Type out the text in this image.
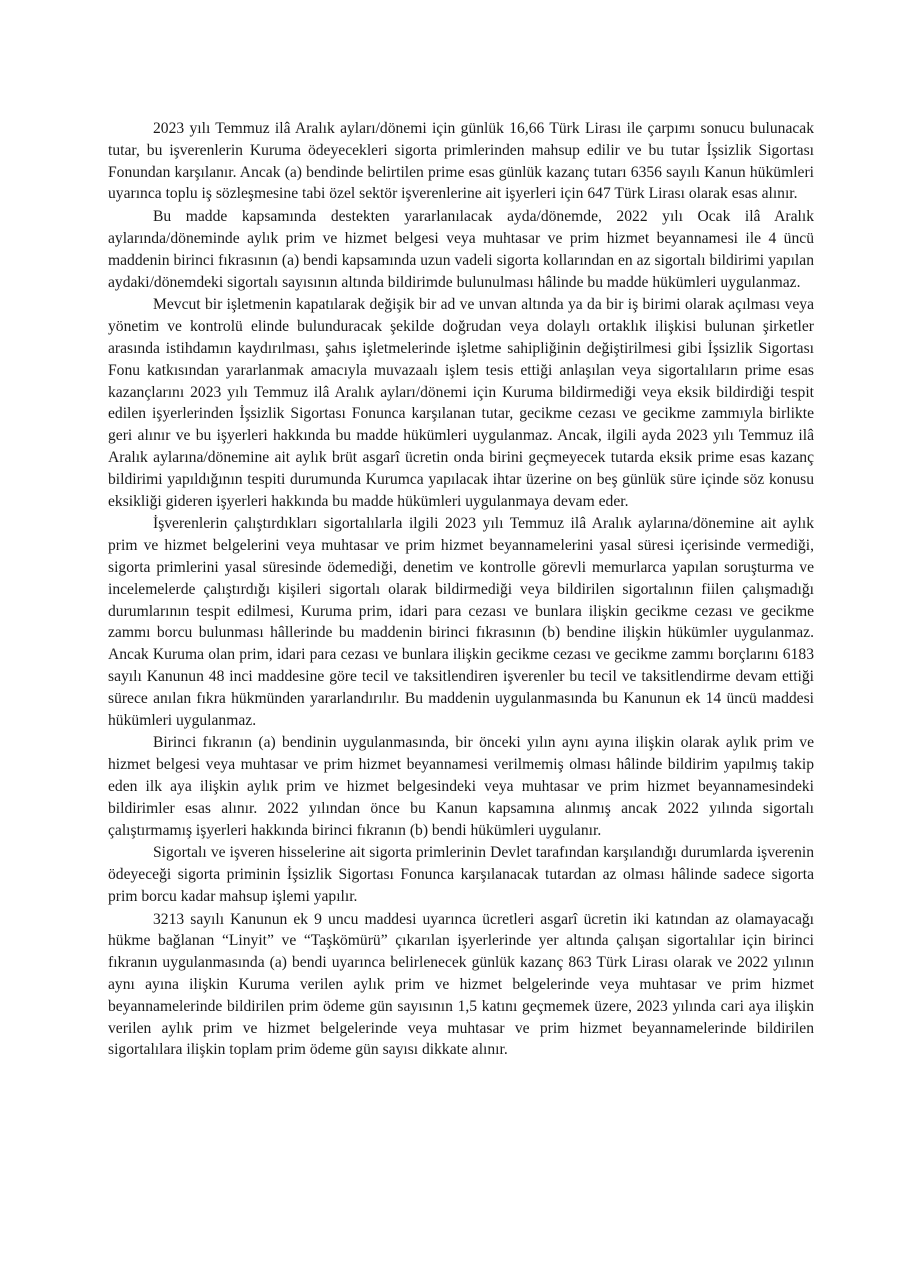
2023 yılı Temmuz ilâ Aralık ayları/dönemi için günlük 16,66 Türk Lirası ile çarpımı sonucu bulunacak tutar, bu işverenlerin Kuruma ödeyecekleri sigorta primlerinden mahsup edilir ve bu tutar İşsizlik Sigortası Fonundan karşılanır. Ancak (a) bendinde belirtilen prime esas günlük kazanç tutarı 6356 sayılı Kanun hükümleri uyarınca toplu iş sözleşmesine tabi özel sektör işverenlerine ait işyerleri için 647 Türk Lirası olarak esas alınır.

Bu madde kapsamında destekten yararlanılacak ayda/dönemde, 2022 yılı Ocak ilâ Aralık aylarında/döneminde aylık prim ve hizmet belgesi veya muhtasar ve prim hizmet beyannamesi ile 4 üncü maddenin birinci fıkrasının (a) bendi kapsamında uzun vadeli sigorta kollarından en az sigortalı bildirimi yapılan aydaki/dönemdeki sigortalı sayısının altında bildirimde bulunulması hâlinde bu madde hükümleri uygulanmaz.

Mevcut bir işletmenin kapatılarak değişik bir ad ve unvan altında ya da bir iş birimi olarak açılması veya yönetim ve kontrolü elinde bulunduracak şekilde doğrudan veya dolaylı ortaklık ilişkisi bulunan şirketler arasında istihdamın kaydırılması, şahıs işletmelerinde işletme sahipliğinin değiştirilmesi gibi İşsizlik Sigortası Fonu katkısından yararlanmak amacıyla muvazaalı işlem tesis ettiği anlaşılan veya sigortalıların prime esas kazançlarını 2023 yılı Temmuz ilâ Aralık ayları/dönemi için Kuruma bildirmediği veya eksik bildirdiği tespit edilen işyerlerinden İşsizlik Sigortası Fonunca karşılanan tutar, gecikme cezası ve gecikme zammıyla birlikte geri alınır ve bu işyerleri hakkında bu madde hükümleri uygulanmaz. Ancak, ilgili ayda 2023 yılı Temmuz ilâ Aralık aylarına/dönemine ait aylık brüt asgarî ücretin onda birini geçmeyecek tutarda eksik prime esas kazanç bildirimi yapıldığının tespiti durumunda Kurumca yapılacak ihtar üzerine on beş günlük süre içinde söz konusu eksikliği gideren işyerleri hakkında bu madde hükümleri uygulanmaya devam eder.

İşverenlerin çalıştırdıkları sigortalılarla ilgili 2023 yılı Temmuz ilâ Aralık aylarına/dönemine ait aylık prim ve hizmet belgelerini veya muhtasar ve prim hizmet beyannamelerini yasal süresi içerisinde vermediği, sigorta primlerini yasal süresinde ödemediği, denetim ve kontrolle görevli memurlarca yapılan soruşturma ve incelemelerde çalıştırdığı kişileri sigortalı olarak bildirmediği veya bildirilen sigortalının fiilen çalışmadığı durumlarının tespit edilmesi, Kuruma prim, idari para cezası ve bunlara ilişkin gecikme cezası ve gecikme zammı borcu bulunması hâllerinde bu maddenin birinci fıkrasının (b) bendine ilişkin hükümler uygulanmaz. Ancak Kuruma olan prim, idari para cezası ve bunlara ilişkin gecikme cezası ve gecikme zammı borçlarını 6183 sayılı Kanunun 48 inci maddesine göre tecil ve taksitlendiren işverenler bu tecil ve taksitlendirme devam ettiği sürece anılan fıkra hükmünden yararlandırılır. Bu maddenin uygulanmasında bu Kanunun ek 14 üncü maddesi hükümleri uygulanmaz.

Birinci fıkranın (a) bendinin uygulanmasında, bir önceki yılın aynı ayına ilişkin olarak aylık prim ve hizmet belgesi veya muhtasar ve prim hizmet beyannamesi verilmemiş olması hâlinde bildirim yapılmış takip eden ilk aya ilişkin aylık prim ve hizmet belgesindeki veya muhtasar ve prim hizmet beyannamesindeki bildirimler esas alınır. 2022 yılından önce bu Kanun kapsamına alınmış ancak 2022 yılında sigortalı çalıştırmamış işyerleri hakkında birinci fıkranın (b) bendi hükümleri uygulanır.

Sigortalı ve işveren hisselerine ait sigorta primlerinin Devlet tarafından karşılandığı durumlarda işverenin ödeyeceği sigorta priminin İşsizlik Sigortası Fonunca karşılanacak tutardan az olması hâlinde sadece sigorta prim borcu kadar mahsup işlemi yapılır.

3213 sayılı Kanunun ek 9 uncu maddesi uyarınca ücretleri asgarî ücretin iki katından az olamayacağı hükme bağlanan “Linyit” ve “Taşkömürü” çıkarılan işyerlerinde yer altında çalışan sigortalılar için birinci fıkranın uygulanmasında (a) bendi uyarınca belirlenecek günlük kazanç 863 Türk Lirası olarak ve 2022 yılının aynı ayına ilişkin Kuruma verilen aylık prim ve hizmet belgelerinde veya muhtasar ve prim hizmet beyannamelerinde bildirilen prim ödeme gün sayısının 1,5 katını geçmemek üzere, 2023 yılında cari aya ilişkin verilen aylık prim ve hizmet belgelerinde veya muhtasar ve prim hizmet beyannamelerinde bildirilen sigortalılara ilişkin toplam prim ödeme gün sayısı dikkate alınır.
